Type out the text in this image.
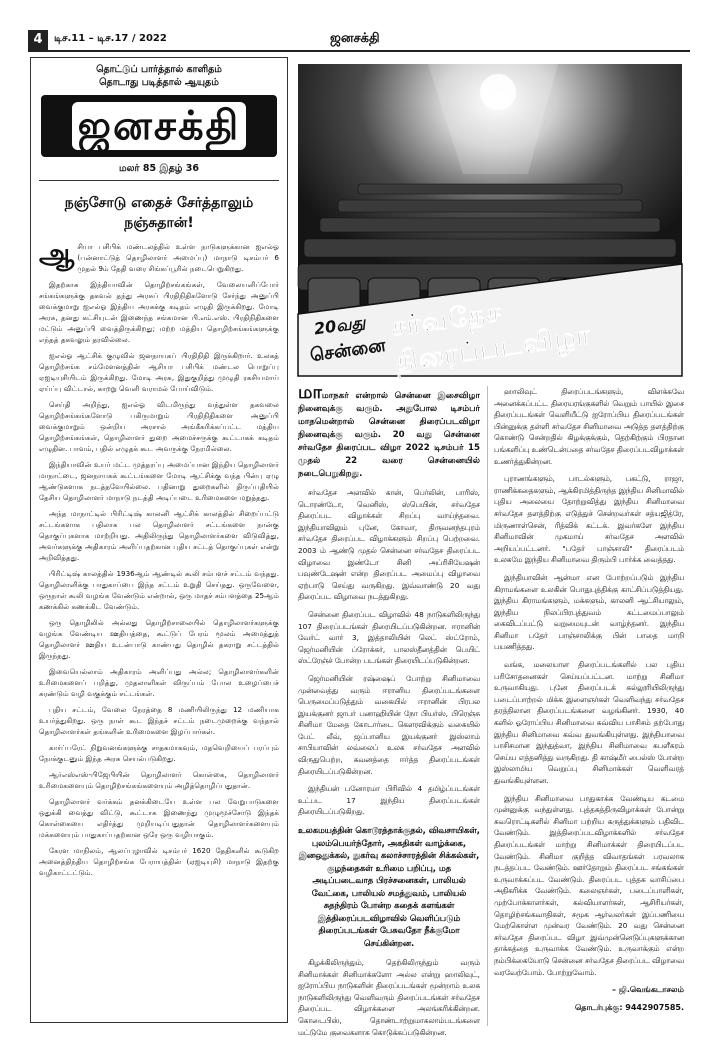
4	டிச.11 – டிச.17 / 2022	ஜனசக்தி
தொட்டுப் பார்த்தால் காளிதம்
தொடாது படித்தால் ஆயுதம்
ஜனசக்தி
மலர் 85 இதழ் 36
நஞ்சோடு எதைச் சேர்த்தாலும் நஞ்சுதான்!

ஆசியா பசிபிக் மண்டலத்தில் உள்ள நாடுகளுக்கான ஐஎல்ஓ (பன்னாட்டுத் தொழிலாளர் அமைப்பு) மாநாடு டிசம்பர் 6 முதல் 9ம் தேதி வரை சிங்கப்பூரில் நடைபெறுகிறது.

இதற்காக இந்தியாவின் தொழிற்சங்கங்கள், வேலையளிப்போர் சங்கங்களுக்கு தகவல் தந்து அரசுப் பிரதிநிதிகளோடு சேர்ந்து அனுப்பி வைக்குமாறு ஐஎல்ஓ இந்திய அரசுக்கு கடிதம் எழுதி இருக்கிறது. மோடி அரசு, தனது கட்சியுடன் இணைந்த சங்கமான பி.எம்.எஸ். பிரதிநிதிகளை மட்டும் அனுப்பி வைத்திருக்கிறது; மற்ற மத்திய தொழிற்சங்கங்களுக்கு எந்தத் தகவலும் தரவில்லை.

ஐஎல்ஓ ஆட்சிக் குழுவில் ஜனநாயகப் பிரதிநிதி இருக்கிறார். உலகத் தொழிற்சங்க சம்மேளனத்தின் ஆசியா பசிபிக் மண்டல பொறுப்பு ஏஐடியுசியிடம் இருக்கிறது. மோடி அரசு, இதுகுறித்து முழுதி ரகசியமாய் ஏய்ப்பு விட்டால், காறறு வெளி வராமல் போய்விடும்.

செய்தி அறிந்து, ஐஎல்ஓ விடமிருந்து வந்துள்ள தகவலை தொழிற்சங்கங்களோடு பகிருமாறும் பிரதிநிதிகளை அனுப்பி வைக்குமாறும் ஒன்றிய அரசால் அங்கீகரிக்கப்பட்ட மத்திய தொழிற்சங்கங்கள், தொழிலாளர் துறை அமைச்சருக்கு கூட்டாகக் கடிதம் எழுதின. பாவம், பதில் எழுதக் கூட அவருக்கு நேரமில்லை.

இந்தியாவின் உயர் மட்ட முத்தரப்பு அமைப்பான இந்திய தொழிலாளர் மாநாட்டை, ஜனநாயகக் கூட்டங்களை மோடி ஆட்சிக்கு வந்த பின்பு ஏழு ஆண்டுகளாக நடத்தவேயில்லை. பதினாறு துறைகளில் திருப்பதியில் தேசிய தொழிலாளர் மாநாடு நடத்தி அடிப்படை உரிமைகளை மறுத்தது.

அந்த மாநாட்டில் பிரிட்டிஷ் காலனி ஆட்சிக் காலத்தில் சிறைப்பட்டு சட்டங்களாக பதிலாக பல தொழிலாளர் சட்டங்களை நான்கு தொகுப்புகளாக மாற்றியது. அதிலிருந்து தொழிலாளர்களை விடுவித்து, அவர்களுக்கு அதிகாரம் அளிப்பதற்கான புதிய சட்டத் தொகுப்புகள் என்று அறிவித்தது.

பிரிட்டிஷ் காலத்தில் 1936ஆம் ஆண்டில் கூலி சம்பளச் சட்டம் வந்தது. தொழிலாளிக்கு பாதுகாப்பை இந்த சட்டம் உறுதி செய்தது. ஒருவேளை, ஒருநாள் கூலி வழங்க வேண்டும் என்றால், ஒரு மாதச் சம்பளத்தை 25ஆம் கணக்கில் கணக்கிட வேண்டும்.

ஒரு தொழிலில் அல்லது தொழிற்சாலையில் தொழிலாளர்களுக்கு வழங்க வேண்டிய ஊதியத்தை, கூட்டுப் பேரம் மூலம் அமைத்துத் தொழிலாளர் ஊதிய உடன்பாடு காண்பது தொழில் தகராறு சட்டத்தில் இருந்தது.

இவையெல்லாம் அதிகாரம் அளிப்பது அல்ல; தொழிலாளர்களின் உரிமைகளைப் பறித்து, முதலாளிகள் விருப்பம் போல உழைப்பைச் சுரண்டும் வழி வகுக்கும் சட்டங்கள்.

புதிய சட்டம், வேலை நேரத்தை 8 மணியிலிருந்து 12 மணியாக உயர்த்துகிறது. ஒரு நாள் கூட இந்தச் சட்டம் நடைமுறைக்கு வந்தால் தொழிலாளர்கள் தங்களின் உரிமைகளை இழப்பார்கள்.

கார்ப்பரேட் நிறுவனங்களுக்கு சாதகமாகவும், மதவெறியைப் பரப்பும் நோக்குடனும் இந்த அரசு செயல்படுகிறது.

ஆர்எஸ்எஸ்-பிஜேபியின் தொழிலாளர் கொள்கை, தொழிலாளர் உரிமைகளையும் தொழிற்சங்கங்களையும் அழித்தொழிப்பதுதான்.

தொழிலாளர் வர்க்கம் தனக்கிடையே உள்ள பல வேறுபாடுகளை ஒதுக்கி வைத்து விட்டு, கூட்டாக இணைந்து முழுமூச்சோடு இந்தக் கொள்கையை எதிர்த்து முறியடிப்பதுதான் தொழிலாளர்களையும் மக்களையும் பாதுகாப்பதற்கான ஒரே ஒரு வழியாகும்.

கேரள மாநிலம், ஆலப்புழாவில் டிசம்பர் 1620 தேதிகளில் கூடுகிற அனைத்திந்திய தொழிற்சங்க பேராயத்தின் (ஏஐடியுசி) மாநாடு இதற்கு வழிகாட்டட்டும்.

20வது
சென்னை
சர்வதேச திரைப்படவிழா

மாமாநகர் என்றால் சென்னை இசைவிழா நினைவுக்கு வரும். அதுபோல டிசம்பர் மாதமென்றால் சென்னை திரைப்படவிழா நினைவுக்கு வரும். 20 வது சென்னை சர்வதேச திரைப்பட விழா 2022 டிசம்பர் 15 முதல் 22 வரை சென்னையில் நடைபெறுகிறது.

சர்வதேச அளவில் கான், பெர்லின், பாரிஸ், டொரண்டோ, வெனிஸ், ஸ்பெயின், சர்வதேச திரைப்பட விழாக்கள் சிறப்பு வாய்ந்தவை. இந்தியாவிலும் புனே, கோவா, திருவனந்தபுரம் சர்வதேச திரைப்பட விழாக்களும் சிறப்பு பெற்றவை. 2003 ம் ஆண்டு முதல் சென்னை சர்வதேச திரைப்பட விழாவை இண்டோ சினி அப்ரிசியேஷன் பவுண்டேஷன் என்ற திரைப்பட அமைப்பு விழாவை ஏற்பாடு செய்து வருகிறது. இவ்வாண்டு 20 வது திரைப்பட விழாவை நடத்துகிறது.

சென்னை திரைப்பட விழாவில் 48 நாடுகளிலிருந்து 107 திரைப்படங்கள் திரையிடப்படுகின்றன. ஈரானின் வேர்ட் வார் 3, இத்தாலியின் லெட் ஸ்ட்ரோம், ஜெர்மனியின் ப்ரோக்கர், பாலஸ்தீனத்தின் பெயிட் ஸ்ட்ரேஞ்ச் போன்ற படங்கள் திரையிடப்படுகின்றன.

ஜெர்மனியின் ரஷ்ஷைப் போற்று சினிமாவை முன்வைத்து வரும் ஈரானிய திரைப்படங்களை பெருமைப்படுத்தும் வகையில் ஈரானின் பிரபல இயக்குனர் ஜாபர் பனாஹியின் நோ பியர்ஸ், பிரெஞ்சு சினிமா மேதை கோடார்டை கௌரவிக்கும் வகையில் பேட் லீவ், ஜப்பானிய இயக்குனர் இஸ்லாம் சாபியாவின் லவ்லைப் உலக சர்வதேச அளவில் விருதுபெற்ற, கவனத்தை ஈர்த்த திரைப்படங்கள் திரையிடப்படுகின்றன.

இந்தியன் பனோரமா பிரிவில் 4 தமிழ்ப்படங்கள் உட்பட 17 இந்திய திரைப்படங்கள் திரையிடப்படுகிறது.

உலகமயத்தின் கொடூரத்தாக்குதல், விவசாயிகள், புலம்பெயர்ந்தோர், அகதிகள் வாழ்க்கை, இனஒதுக்கல், நுகர்வு கலாச்சாரத்தின் சிக்கல்கள், குழந்தைகள் உரிமை பறிப்பு, மத அடிப்படைவாத பிரச்சனைகள், பாலியல் வேட்கை, பாலியல் சமத்துவம், பாலியல் சுதந்திரம் போன்ற கதைக் களங்கள் இத்திரைப்படவிழாவில் வெளிப்படும் திரைப்படங்கள் பேசுவதோ நீக்குமோ செய்கின்றன.

கிழக்கிலிருந்தும், தெற்கிலிருந்தும் வரும் சினிமாக்கள் சினிமாக்களோ அல்ல என்று ஹாலிவுட், ஐரோப்பிய நாடுகளின் திரைப்படங்கள் மூன்றாம் உலக நாடுகளிலிருந்து வெளிவரும் திரைப்படங்கள் சர்வதேச திரைப்பட விழாக்களை அலங்கரிக்கின்றன. கொடைபிஸ், தொண்டாற்றுமாகலாம்படங்களை மட்டுமே குவைகளாக கொடுக்கப்படுகின்றன.

ஹாலிவுட் திரைப்படங்களும், விளக்கவே அனைக்கப்பட்ட திரையரங்குகளில் வெறும் பாயில் இசை திரைப்படங்கள் வெளியீட்டு ஐரோப்பிய திரைப்படங்கள் பின்னுக்கு தள்ளி சர்வதேச சினிமாவை அடுத்த தளத்திற்கு கொண்டு சென்றதில் கிழக்குக்கும், தெற்கிற்கும் பிரதான பங்களிப்பு உண்டென்பதை சர்வதேச திரைப்படவிழாக்கள் உணர்த்துகின்றன.

புராணங்களும், பாடல்களும், பகட்டு, ராஜா, ராணிக்கதைகளும், ஆக்கிரமித்திருந்த இந்திய சினிமாவில் புதிய அலையை தோற்றுவித்து இந்திய சினிமாவை சர்வதேச தளத்திற்கு எடுத்துச் சென்றவர்கள் சத்யஜித்ரே, மிருணாள்சென், ரித்விக் கட்டக். இவர்களே இந்திய சினிமாவின் முகமாய் சர்வதேச அளவில் அறியப்பட்டனர். "பதேர் பாஞ்சாலி" திரைப்படம் உலகமே இந்திய சினிமாவை திரும்பி பார்க்க வைத்தது.

இந்தியாவின் ஆன்மா என போற்றப்படும் இந்திய கிராமங்களை உலகின் பொதுபுத்திக்கு காட்சிப்படுத்தியது. இந்திய கிராமங்களும், மக்களும், காலனி ஆட்சியாலும், இந்திய நிலப்பிரபுத்துவம் கட்டமைப்பாலும் கைவிடப்பட்டு வறுமையுடன் வாழ்ந்தனர். இந்திய சினிமா பதேர் பாஞ்சாலிக்கு பின் பாதை மாறி பயணித்தது.

வங்க, மலையாள திரைப்படங்களில் பல புதிய பரிசோதனைகள் செய்யப்பட்டன. மாற்று சினிமா உருவாகியது. புனே திரைப்படக் கல்லூரியிலிருந்து படைப்பாற்றல் மிக்க இளைஞர்கள் வெளிவந்து சர்வதேச தரத்திலான திரைப்படங்களை வழங்கினர். 1930, 40 களில் ஓரோப்பிய சினிமாவை கவ்விய பாசிசம் தற்போது இந்திய சினிமாவை கவ்வ துவங்கியுள்ளது. இந்தியாவை பாசிசமான இந்துத்வா, இந்திய சினிமாவை கபளீகரம் செய்ய எத்தனித்து வருகிறது. தி காஷ்மீர் பைல்ஸ் போன்ற இஸ்லாமிய வெறுப்பு சினிமாக்கள் வெளிவரத் துவங்கியுள்ளன.

இந்திய சினிமாவை பாதுகாக்க வேண்டிய கடமை முன்னுக்கு வந்துள்ளது. புத்தகத்திருவிழாக்கள் போன்று சுவரொட்டிகளில் சினிமா பற்றிய கருத்துக்களும் பதிவிட வேண்டும். இத்திரைப்படவிழாக்களில் சர்வதேச திரைப்படங்கள் மாற்று சினிமாக்கள் திரையிடப்பட வேண்டும். சினிமா குறித்த விவாதங்கள் பரவலாக நடத்தப்பட வேண்டும். ஊர்தோறும் திரைப்பட சங்கங்கள் உருவாக்கப்பட வேண்டும். திரைப்பட புத்தக வாசிப்பை அதிகரிக்க வேண்டும். கலைஞர்கள், படைப்பாளிகள், முற்போக்காளர்கள், கல்வியாளர்கள், ஆசிரியர்கள், தொழிற்சங்கவாதிகள், சமூக ஆர்வலர்கள் இப்பணியை மேற்கொள்ள முன்வர வேண்டும். 20 வது சென்னை சர்வதேச திரைப்பட விழா இவ்முன்னெடுப்புகளுக்கான தாக்கத்தை உருவாக்க வேண்டும். உருவாக்கும் என்ற நம்பிக்கையோடு சென்னை சர்வதேச திரைப்பட விழாவை வரவேற்போம். போற்றுவோம்.

– ஜி.வெங்கடாசலம்

தொடர்புக்கு: 9442907585.
